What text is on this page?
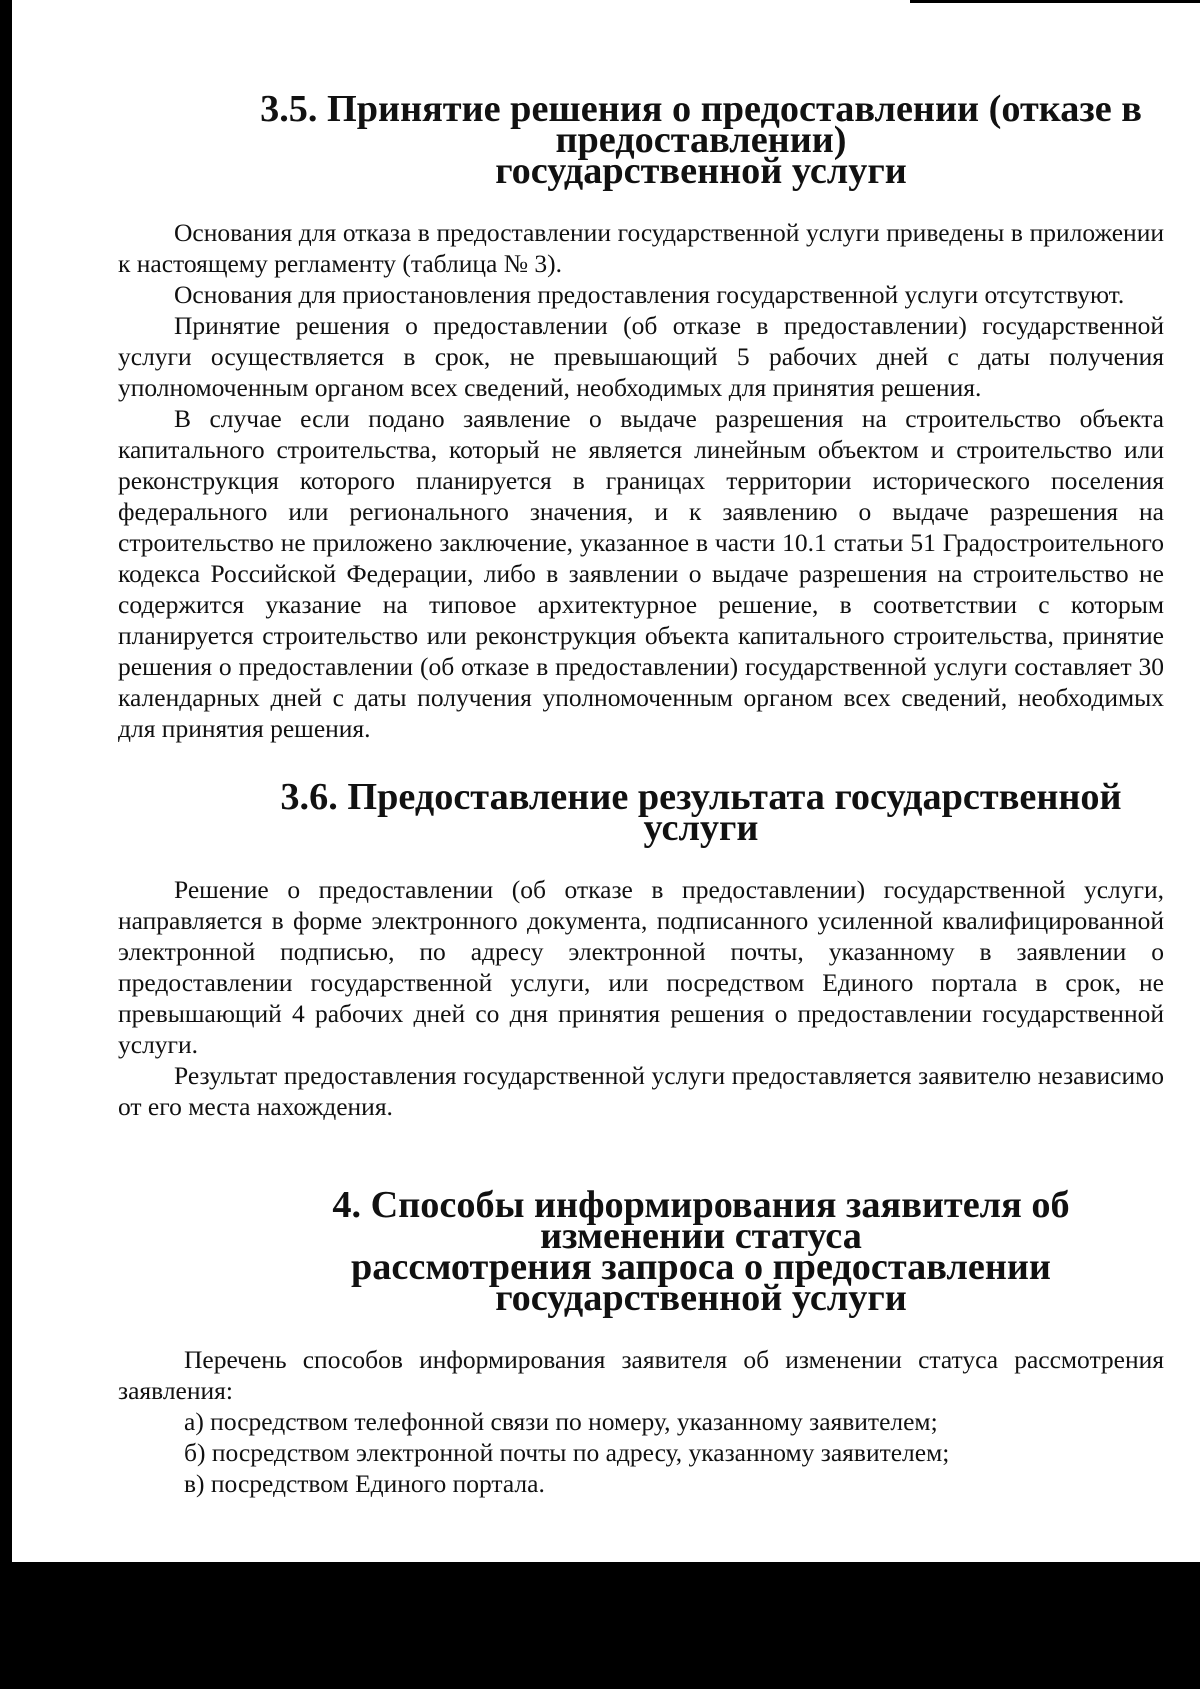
3.5. Принятие решения о предоставлении (отказе в предоставлении)
государственной услуги

Основания для отказа в предоставлении государственной услуги приведены в приложении к настоящему регламенту (таблица № 3).

Основания для приостановления предоставления государственной услуги отсутствуют.

Принятие решения о предоставлении (об отказе в предоставлении) государственной услуги осуществляется в срок, не превышающий 5 рабочих дней с даты получения уполномоченным органом всех сведений, необходимых для принятия решения.

В случае если подано заявление о выдаче разрешения на строительство объекта капитального строительства, который не является линейным объектом и строительство или реконструкция которого планируется в границах территории исторического поселения федерального или регионального значения, и к заявлению о выдаче разрешения на строительство не приложено заключение, указанное в части 10.1 статьи 51 Градостроительного кодекса Российской Федерации, либо в заявлении о выдаче разрешения на строительство не содержится указание на типовое архитектурное решение, в соответствии с которым планируется строительство или реконструкция объекта капитального строительства, принятие решения о предоставлении (об отказе в предоставлении) государственной услуги составляет 30 календарных дней с даты получения уполномоченным органом всех сведений, необходимых для принятия решения.

3.6. Предоставление результата государственной услуги

Решение о предоставлении (об отказе в предоставлении) государственной услуги, направляется в форме электронного документа, подписанного усиленной квалифицированной электронной подписью, по адресу электронной почты, указанному в заявлении о предоставлении государственной услуги, или посредством Единого портала в срок, не превышающий 4 рабочих дней со дня принятия решения о предоставлении государственной услуги.

Результат предоставления государственной услуги предоставляется заявителю независимо от его места нахождения.

4. Способы информирования заявителя об изменении статуса
рассмотрения запроса о предоставлении государственной услуги

Перечень способов информирования заявителя об изменении статуса рассмотрения заявления:

а) посредством телефонной связи по номеру, указанному заявителем;

б) посредством электронной почты по адресу, указанному заявителем;

в) посредством Единого портала.
